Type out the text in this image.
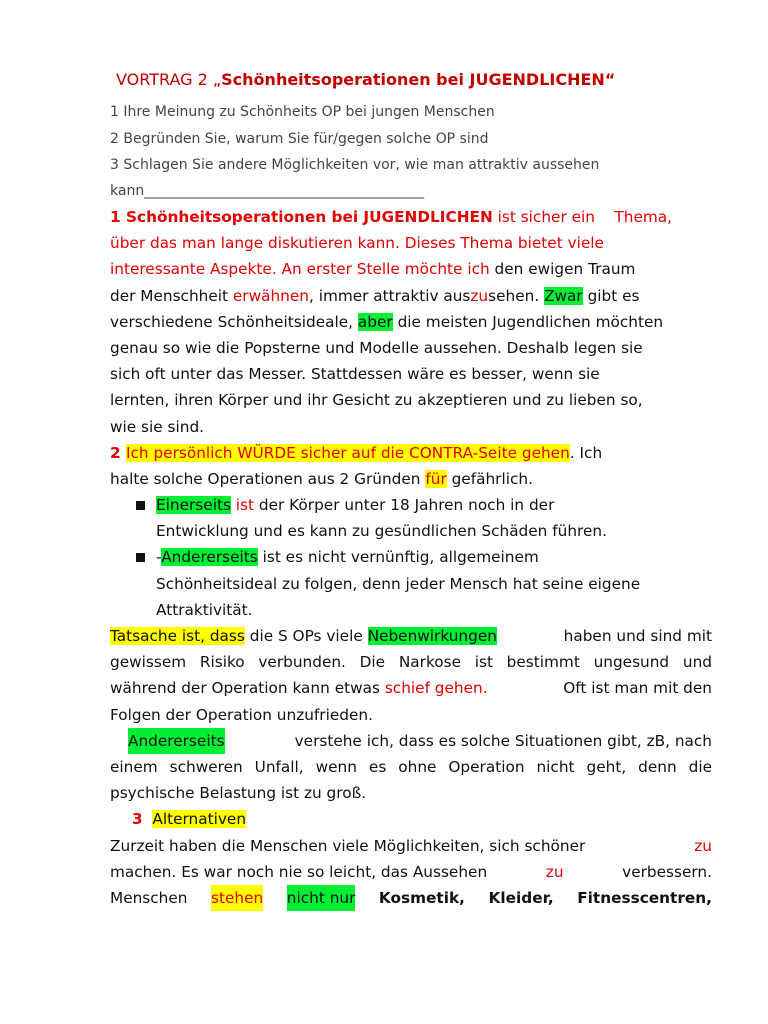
VORTRAG 2 „Schönheitsoperationen bei JUGENDLICHEN“
1 Ihre Meinung zu Schönheits OP bei jungen Menschen
2 Begründen Sie, warum Sie für/gegen solche OP sind
3 Schlagen Sie andere Möglichkeiten vor, wie man attraktiv aussehen
kann________________________________________
1 Schönheitsoperationen bei JUGENDLICHEN ist sicher ein Thema,
über das man lange diskutieren kann. Dieses Thema bietet viele
interessante Aspekte. An erster Stelle möchte ich den ewigen Traum
der Menschheit erwähnen, immer attraktiv auszusehen. Zwar gibt es
verschiedene Schönheitsideale, aber die meisten Jugendlichen möchten
genau so wie die Popsterne und Modelle aussehen. Deshalb legen sie
sich oft unter das Messer. Stattdessen wäre es besser, wenn sie
lernten, ihren Körper und ihr Gesicht zu akzeptieren und zu lieben so,
wie sie sind.
2 Ich persönlich WÜRDE sicher auf die CONTRA-Seite gehen. Ich
halte solche Operationen aus 2 Gründen für gefährlich.
Einerseits ist der Körper unter 18 Jahren noch in der
Entwicklung und es kann zu gesündlichen Schäden führen.
-Andererseits ist es nicht vernünftig, allgemeinem
Schönheitsideal zu folgen, denn jeder Mensch hat seine eigene
Attraktivität.
Tatsache ist, dass die S OPs viele Nebenwirkungen	haben und sind mit
gewissem Risiko verbunden. Die Narkose ist bestimmt ungesund und
während der Operation kann etwas schief gehen.	Oft ist man mit den
Folgen der Operation unzufrieden.
Andererseits	verstehe ich, dass es solche Situationen gibt, zB, nach
einem schweren Unfall, wenn es ohne Operation nicht geht, denn die
psychische Belastung ist zu groß.
3 Alternativen
Zurzeit haben die Menschen viele Möglichkeiten, sich schöner	zu
machen. Es war noch nie so leicht, das Aussehen	zu	verbessern.
Menschen stehen nicht nur Kosmetik, Kleider, Fitnesscentren,
